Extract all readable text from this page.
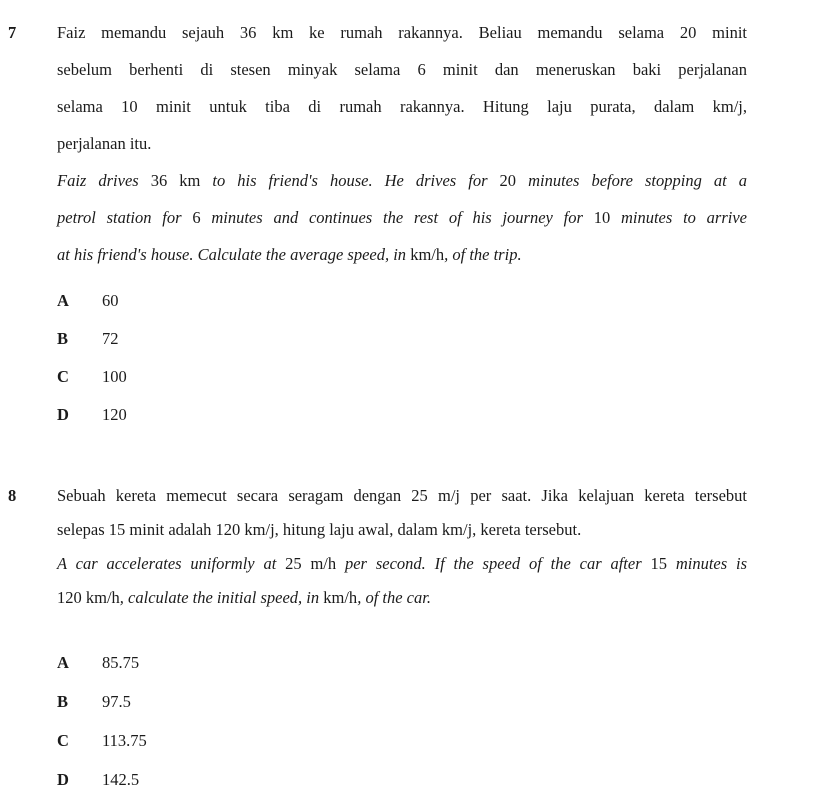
7 Faiz memandu sejauh 36 km ke rumah rakannya. Beliau memandu selama 20 minit
sebelum berhenti di stesen minyak selama 6 minit dan meneruskan baki perjalanan
selama 10 minit untuk tiba di rumah rakannya. Hitung laju purata, dalam km/j,
perjalanan itu.
Faiz drives 36 km to his friend's house. He drives for 20 minutes before stopping at a
petrol station for 6 minutes and continues the rest of his journey for 10 minutes to arrive
at his friend's house. Calculate the average speed, in km/h, of the trip.
A 60
B 72
C 100
D 120
8 Sebuah kereta memecut secara seragam dengan 25 m/j per saat. Jika kelajuan kereta tersebut
selepas 15 minit adalah 120 km/j, hitung laju awal, dalam km/j, kereta tersebut.
A car accelerates uniformly at 25 m/h per second. If the speed of the car after 15 minutes is
120 km/h, calculate the initial speed, in km/h, of the car.
A 85.75
B 97.5
C 113.75
D 142.5
